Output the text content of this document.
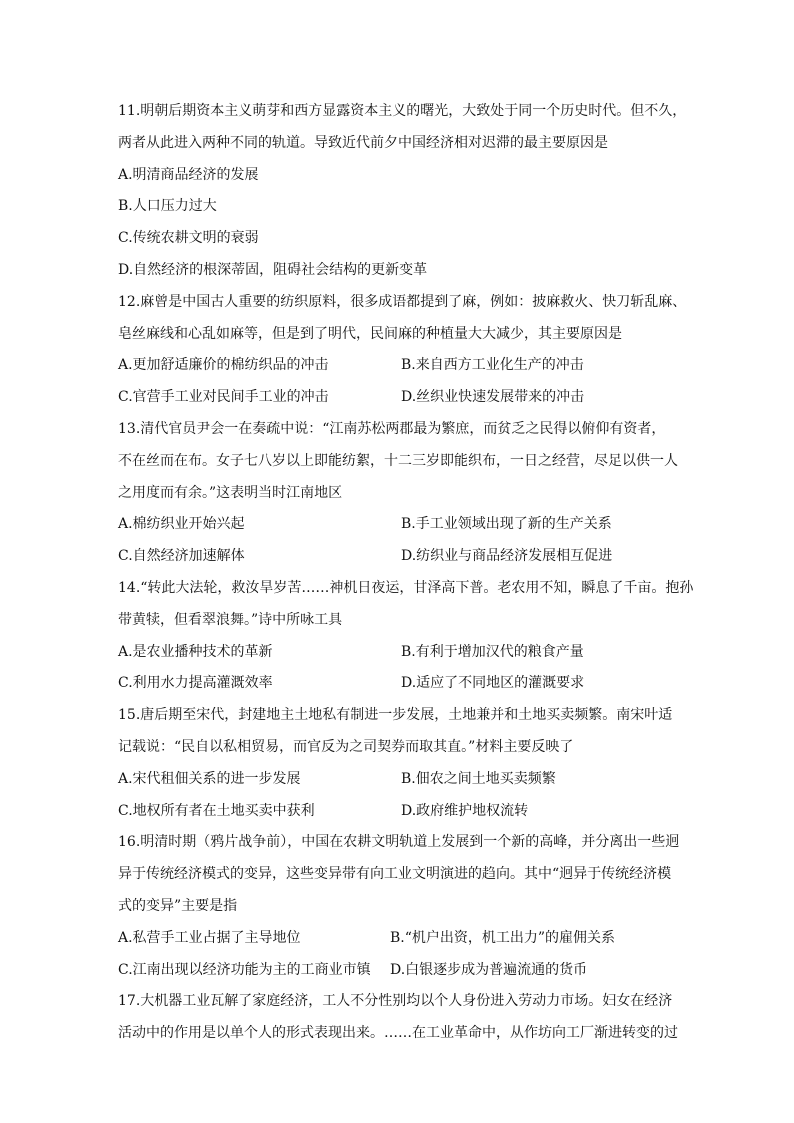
11.明朝后期资本主义萌芽和西方显露资本主义的曙光，大致处于同一个历史时代。但不久，
两者从此进入两种不同的轨道。导致近代前夕中国经济相对迟滞的最主要原因是
A.明清商品经济的发展
B.人口压力过大
C.传统农耕文明的衰弱
D.自然经济的根深蒂固，阻碍社会结构的更新变革
12.麻曾是中国古人重要的纺织原料，很多成语都提到了麻，例如：披麻救火、快刀斩乱麻、
皂丝麻线和心乱如麻等，但是到了明代，民间麻的种植量大大减少，其主要原因是
A.更加舒适廉价的棉纺织品的冲击	B.来自西方工业化生产的冲击
C.官营手工业对民间手工业的冲击	D.丝织业快速发展带来的冲击
13.清代官员尹会一在奏疏中说：“江南苏松两郡最为繁庶，而贫乏之民得以俯仰有资者，
不在丝而在布。女子七八岁以上即能纺絮，十二三岁即能织布，一日之经营，尽足以供一人
之用度而有余。”这表明当时江南地区
A.棉纺织业开始兴起	B.手工业领域出现了新的生产关系
C.自然经济加速解体	D.纺织业与商品经济发展相互促进
14.“转此大法轮，救汝旱岁苦……神机日夜运，甘泽高下普。老农用不知，瞬息了千亩。抱孙
带黄犊，但看翠浪舞。”诗中所咏工具
A.是农业播种技术的革新	B.有利于增加汉代的粮食产量
C.利用水力提高灌溉效率	D.适应了不同地区的灌溉要求
15.唐后期至宋代，封建地主土地私有制进一步发展，土地兼并和土地买卖频繁。南宋叶适
记载说：“民自以私相贸易，而官反为之司契券而取其直。”材料主要反映了
A.宋代租佃关系的进一步发展	B.佃农之间土地买卖频繁
C.地权所有者在土地买卖中获利	D.政府维护地权流转
16.明清时期（鸦片战争前），中国在农耕文明轨道上发展到一个新的高峰，并分离出一些迥
异于传统经济模式的变异，这些变异带有向工业文明演进的趋向。其中“迥异于传统经济模
式的变异”主要是指
A.私营手工业占据了主导地位	B.“机户出资，机工出力”的雇佣关系
C.江南出现以经济功能为主的工商业市镇	D.白银逐步成为普遍流通的货币
17.大机器工业瓦解了家庭经济，工人不分性别均以个人身份进入劳动力市场。妇女在经济
活动中的作用是以单个人的形式表现出来。……在工业革命中，从作坊向工厂渐进转变的过
